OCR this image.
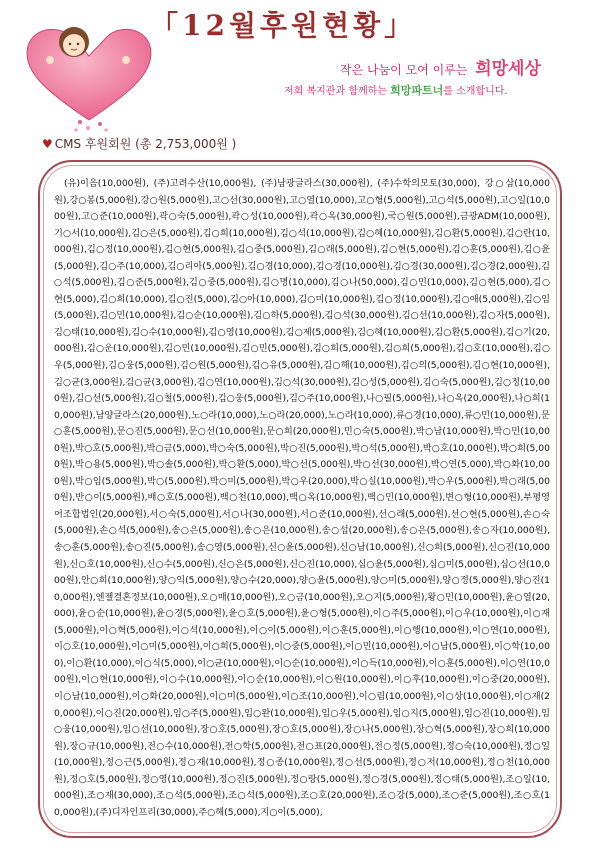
「12월후원현황」
작은 나눔이 모여 이루는 희망세상
저희 복지관과 함께하는 희망파트너를 소개합니다.
♥ CMS 후원회원 (총 2,753,000원 )
(유)이음(10,000원), (주)고려수산(10,000원), (주)남광글라스(30,000원), (주)수학의모토(30,000), 강○삼(10,000원),강○봉(5,000원),강○원(5,000원),고○선(30,000원),고○열(10,000),고○형(5,000원),고○석(5,000원),고○일(10,000원),고○준(10,000원),곽○숙(5,000원),곽○성(10,000원),곽○옥(30,000원),국○원(5,000원),금광ADM(10,000원),기○서(10,000원),김○은(5,000원),김○희(10,000원),김○석(10,000원),김○혜(10,000원),김○환(5,000원),김○란(10,000원),김○정(10,000원),김○현(5,000원),김○중(5,000원),김○래(5,000원),김○현(5,000원),김○훈(5,000원),김○윤(5,000원),김○주(10,000),김○리아(5,000원),김○경(10,000),김○경(10,000원),김○경(30,000원),김○경(2,000원),김○석(5,000원),김○준(5,000원),김○중(5,000원),김○명(10,000),김○나(50,000),김○민(10,000),김○현(5,000),김○현(5,000),김○희(10,000),김○진(5,000),김○아(10,000),김○미(10,000원),김○정(10,000원),김○애(5,000원),김○임(5,000원),김○민(10,000원),김○순(10,000원),김○하(5,000원),김○석(30,000원),김○선(10,000원),김○자(5,000원),김○태(10,000원),김○수(10,000원),김○영(10,000원),김○제(5,000원),김○혜(10,000원),김○환(5,000원),김○기(20,000원),김○운(10,000원),김○민(10,000원),김○민(5,000원),김○희(5,000원),김○희(5,000원),김○호(10,000원),김○우(5,000원),김○웅(5,000원),김○원(5,000원),김○유(5,000원),김○해(10,000원),김○의(5,000원),김○현(10,000원),김○균(3,000원),김○균(3,000원),김○연(10,000원),김○석(30,000원),김○성(5,000원),김○숙(5,000원),김○정(10,000원),김○선(5,000원),김○철(5,000원),김○웅(5,000원),김○주(10,000원),나○필(5,000원),나○옥(20,000원),나○희(10,000원),남양글라스(20,000원),노○라(10,000),노○라(20,000),노○라(10,000),류○경(10,000),류○민(10,000원),문○훈(5,000원),문○진(5,000원),문○선(10,000원),문○희(20,000원),민○숙(5,000원),박○남(10,000원),박○민(10,000원),박○호(5,000원),박○금(5,000),박○숙(5,000원),박○진(5,000원),박○석(5,000원),박○호(10,000원),박○희(5,000원),박○용(5,000원),박○솔(5,000원),박○환(5,000),박○선(5,000원),박○선(30,000원),박○연(5,000),박○화(10,000원),박○임(5,000원),박○(5,000원),박○미(5,000원),박○우(20,000),박○실(10,000원),박○우(5,000원),박○래(5,000원),반○이(5,000원),배○호(5,000원),백○천(10,000),백○옥(10,000원),백○민(10,000원),변○형(10,000원),부평영어조합법인(20,000원),서○숙(5,000원),서○나(30,000원),서○준(10,000원),선○래(5,000원),선○현(5,000원),손○숙(5,000원),손○석(5,000원),송○은(5,000원),송○은(10,000원),송○섭(20,000원),송○은(5,000원),송○자(10,000원),송○훈(5,000원),송○진(5,000원),송○영(5,000원),신○윤(5,000원),신○남(10,000원),신○희(5,000원),신○진(10,000원),신○호(10,000원),신○수(5,000원),신○은(5,000원),신○진(10,000),심○윤(5,000원),심○미(5,000원),심○선(10,000원),안○희(10,000원),양○익(5,000원),양○수(20,000),양○윤(5,000원),양○미(5,000원),양○정(5,000원),양○진(10,000원),엔젤결혼정보(10,000원),오○매(10,000원),오○금(10,000원),오○지(5,000원),왕○민(10,000원),윤○열(20,000),윤○순(10,000원),윤○경(5,000원),윤○호(5,000원),윤○형(5,000원),이○주(5,000원),이○우(10,000원),이○재(5,000원),이○혁(5,000원),이○석(10,000원),이○이(5,000원),이○훈(5,000원),이○행(10,000원),이○연(10,000원),이○호(10,000원),이○미(5,000원),이○희(5,000원),이○중(5,000원),이○민(10,000원),이○남(5,000원),이○학(10,000),이○환(10,000),이○식(5,000),이○균(10,000원),이○순(10,000원),이○득(10,000원),이○훈(5,000원),이○연(10,000원),이○현(10,000원),이○수(10,000원),이○순(10,000원),이○원(10,000원),이○후(10,000원),이○중(20,000원),이○남(10,000원),이○화(20,000원),이○미(5,000원),이○조(10,000원),이○림(10,000원),이○상(10,000원),이○재(20,000원),이○진(20,000원),임○주(5,000원),임○완(10,000원),임○우(5,000원),임○지(5,000원),임○진(10,000원),임○웅(10,000원),임○선(10,000원),장○호(5,000원),장○호(5,000원),장○나(5,000원),장○혁(5,000원),장○희(10,000원),장○규(10,000원),전○수(10,000원),전○학(5,000원),전○표(20,000원),전○정(5,000원),정○숙(10,000원),정○일(10,000원),정○근(5,000원),정○재(10,000원),정○종(10,000원),정○선(5,000원),정○저(10,000원),정○천(10,000원),정○호(5,000원),정○영(10,000원),정○진(5,000원),정○랑(5,000원),정○경(5,000원),정○태(5,000원),조○일(10,000원),조○재(30,000),조○석(5,000원),조○석(5,000원),조○호(20,000원),조○강(5,000),조○준(5,000원),조○호(10,000원),(주)디자인프리(30,000),주○해(5,000),지○이(5,000),
